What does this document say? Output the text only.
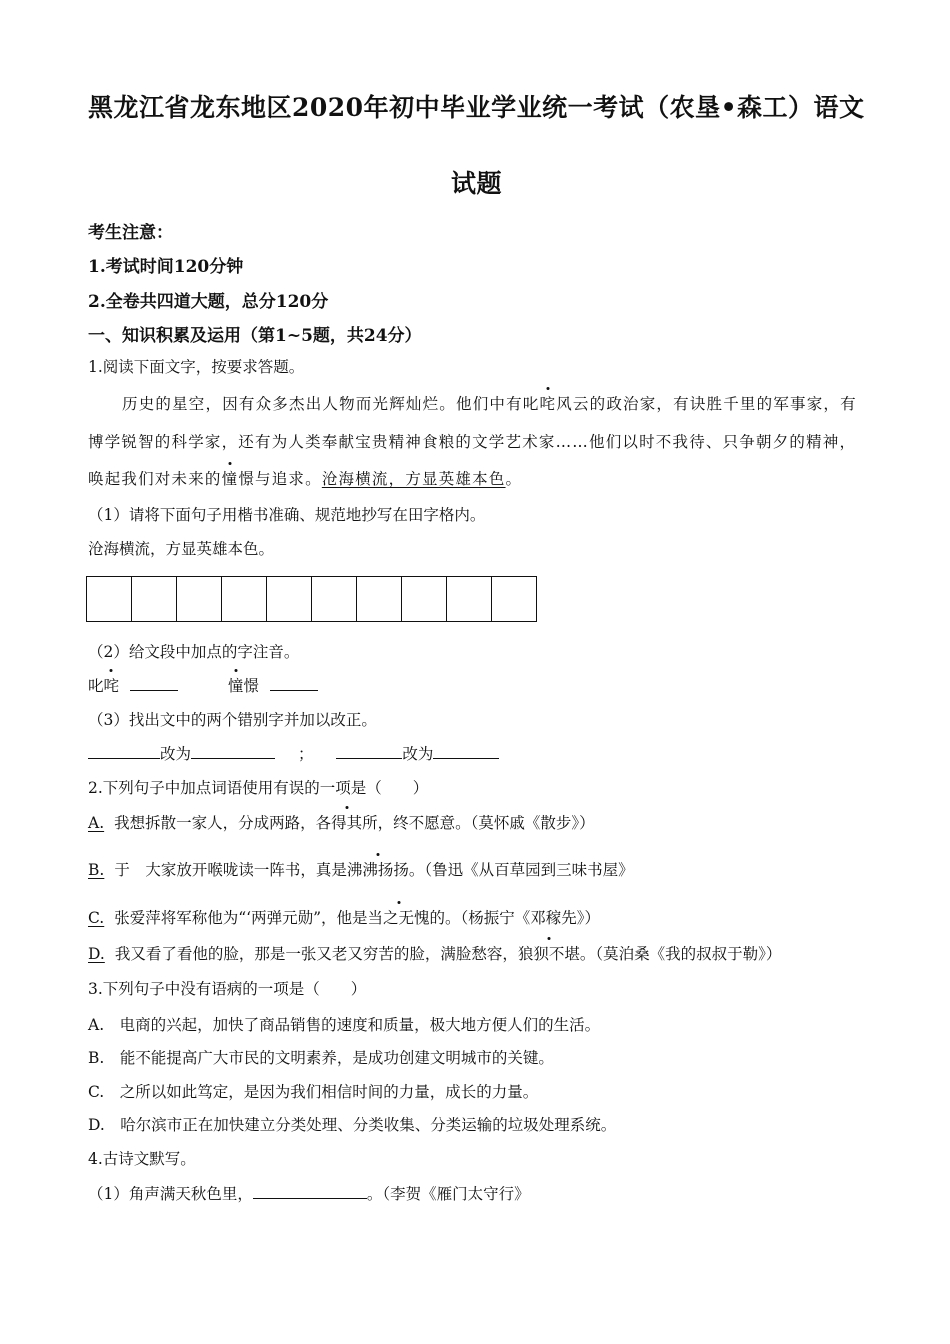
黑龙江省龙东地区2020年初中毕业学业统一考试（农垦•森工）语文
试题
考生注意：
1.考试时间120分钟
2.全卷共四道大题，总分120分
一、知识积累及运用（第1~5题，共24分）
1.阅读下面文字，按要求答题。
历史的星空，因有众多杰出人物而光辉灿烂。他们中有叱咤风云的政治家，有诀胜千里的军事家，有
博学锐智的科学家，还有为人类奉献宝贵精神食粮的文学艺术家……他们以时不我待、只争朝夕的精神，
唤起我们对未来的憧憬与追求。沧海横流，方显英雄本色。
（1）请将下面句子用楷书准确、规范地抄写在田字格内。
沧海横流，方显英雄本色。
（2）给文段中加点的字注音。
叱咤	憧憬
（3）找出文中的两个错别字并加以改正。
改为	；	改为
2.下列句子中加点词语使用有误的一项是（　　）
A. 我想拆散一家人，分成两路，各得其所，终不愿意。（莫怀戚《散步》）
B. 于　大家放开喉咙读一阵书，真是沸沸扬扬。（鲁迅《从百草园到三味书屋》
C. 张爱萍将军称他为“‘两弹元勋”，他是当之无愧的。（杨振宁《邓稼先》）
D. 我又看了看他的脸，那是一张又老又穷苦的脸，满脸愁容，狼狈不堪。（莫泊桑《我的叔叔于勒》）
3.下列句子中没有语病的一项是（　　）
A.　电商的兴起，加快了商品销售的速度和质量，极大地方便人们的生活。
B.　能不能提高广大市民的文明素养，是成功创建文明城市的关键。
C.　之所以如此笃定，是因为我们相信时间的力量，成长的力量。
D.　哈尔滨市正在加快建立分类处理、分类收集、分类运输的垃圾处理系统。
4.古诗文默写。
（1）角声满天秋色里，	。（李贺《雁门太守行》
